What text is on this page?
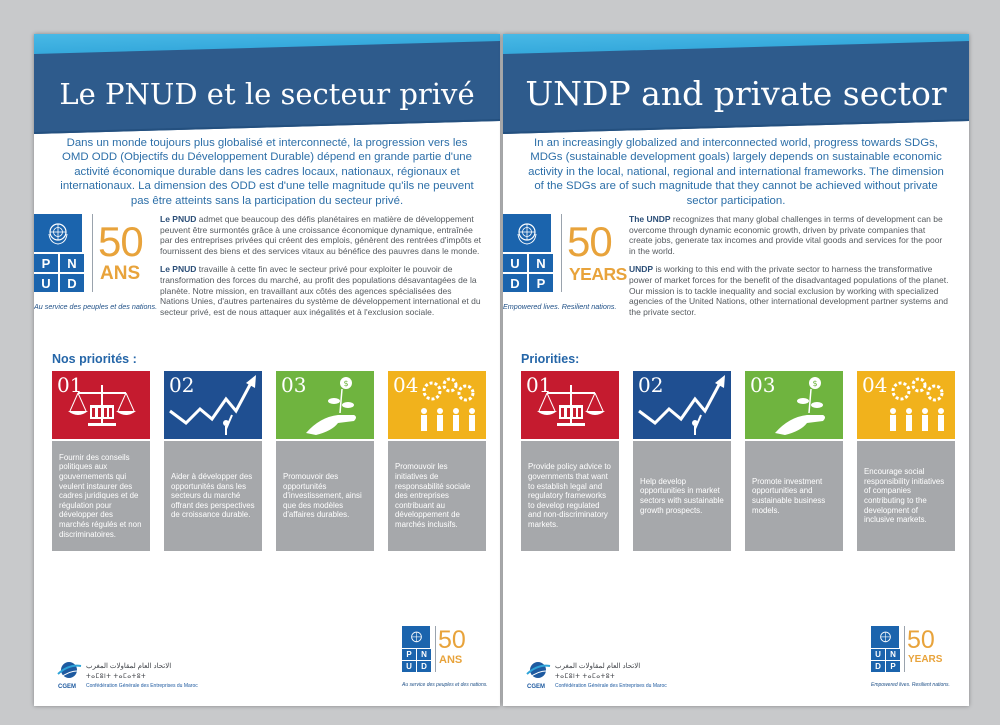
Le PNUD et le secteur privé
Dans un monde toujours plus globalisé et interconnecté, la progression vers les OMD ODD (Objectifs du Développement Durable) dépend en grande partie d'une activité économique durable dans les cadres locaux, nationaux, régionaux et internationaux. La dimension des ODD est d'une telle magnitude qu'ils ne peuvent pas être atteints sans la participation du secteur privé.
P	N
U	D
50
ANS
Au service des peuples et des nations.

Le PNUD admet que beaucoup des défis planétaires en matière de développement peuvent être surmontés grâce à une croissance économique dynamique, entraînée par des entreprises privées qui créent des emplois, génèrent des rentrées d'impôts et fournissent des biens et des services vitaux au bénéfice des pauvres dans le monde.

Le PNUD travaille à cette fin avec le secteur privé pour exploiter le pouvoir de transformation des forces du marché, au profit des populations désavantagées de la planète. Notre mission, en travaillant aux côtés des agences spécialisées des Nations Unies, d'autres partenaires du système de développement international et du secteur privé, est de nous attaquer aux inégalités et à l'exclusion sociale.

Nos priorités :
01
Fournir des conseils politiques aux gouvernements qui veulent instaurer des cadres juridiques et de régulation pour développer des marchés régulés et non discriminatoires.
02
Aider à développer des opportunités dans les secteurs du marché offrant des perspectives de croissance durable.
$
03
Promouvoir des opportunités d'investissement, ainsi que des modèles d'affaires durables.
04
Promouvoir les initiatives de responsabilité sociale des entreprises contribuant au développement de marchés inclusifs.
CGEM
الاتحاد العام لمقاولات المغرب
ⵜⴰⵎⵓⵏⵜ ⵜⴰⵎⴰⵜⵓⵜ
Confédération Générale des Entreprises du Maroc
P	N
U	D
50
ANS
Au service des peuples et des nations.
UNDP and private sector
In an increasingly globalized and interconnected world, progress towards SDGs, MDGs (sustainable development goals) largely depends on sustainable economic activity in the local, national, regional and international frameworks. The dimension of the SDGs are of such magnitude that they cannot be achieved without private sector participation.
U	N
D	P
50
YEARS
Empowered lives. Resilient nations.

The UNDP recognizes that many global challenges in terms of development can be overcome through dynamic economic growth, driven by private companies that create jobs, generate tax incomes and provide vital goods and services for the poor in the world.

UNDP is working to this end with the private sector to harness the transformative power of market forces for the benefit of the disadvantaged populations of the planet. Our mission is to tackle inequality and social exclusion by working with specialized agencies of the United Nations, other international development partner systems and the private sector.

Priorities:
01
Provide policy advice to governments that want to establish legal and regulatory frameworks to develop regulated and non-discriminatory markets.
02
Help develop opportunities in market sectors with sustainable growth prospects.
$
03
Promote investment opportunities and sustainable business models.
04
Encourage social responsibility initiatives of companies contributing to the development of inclusive markets.
CGEM
الاتحاد العام لمقاولات المغرب
ⵜⴰⵎⵓⵏⵜ ⵜⴰⵎⴰⵜⵓⵜ
Confédération Générale des Entreprises du Maroc
U	N
D	P
50
YEARS
Empowered lives. Resilient nations.
